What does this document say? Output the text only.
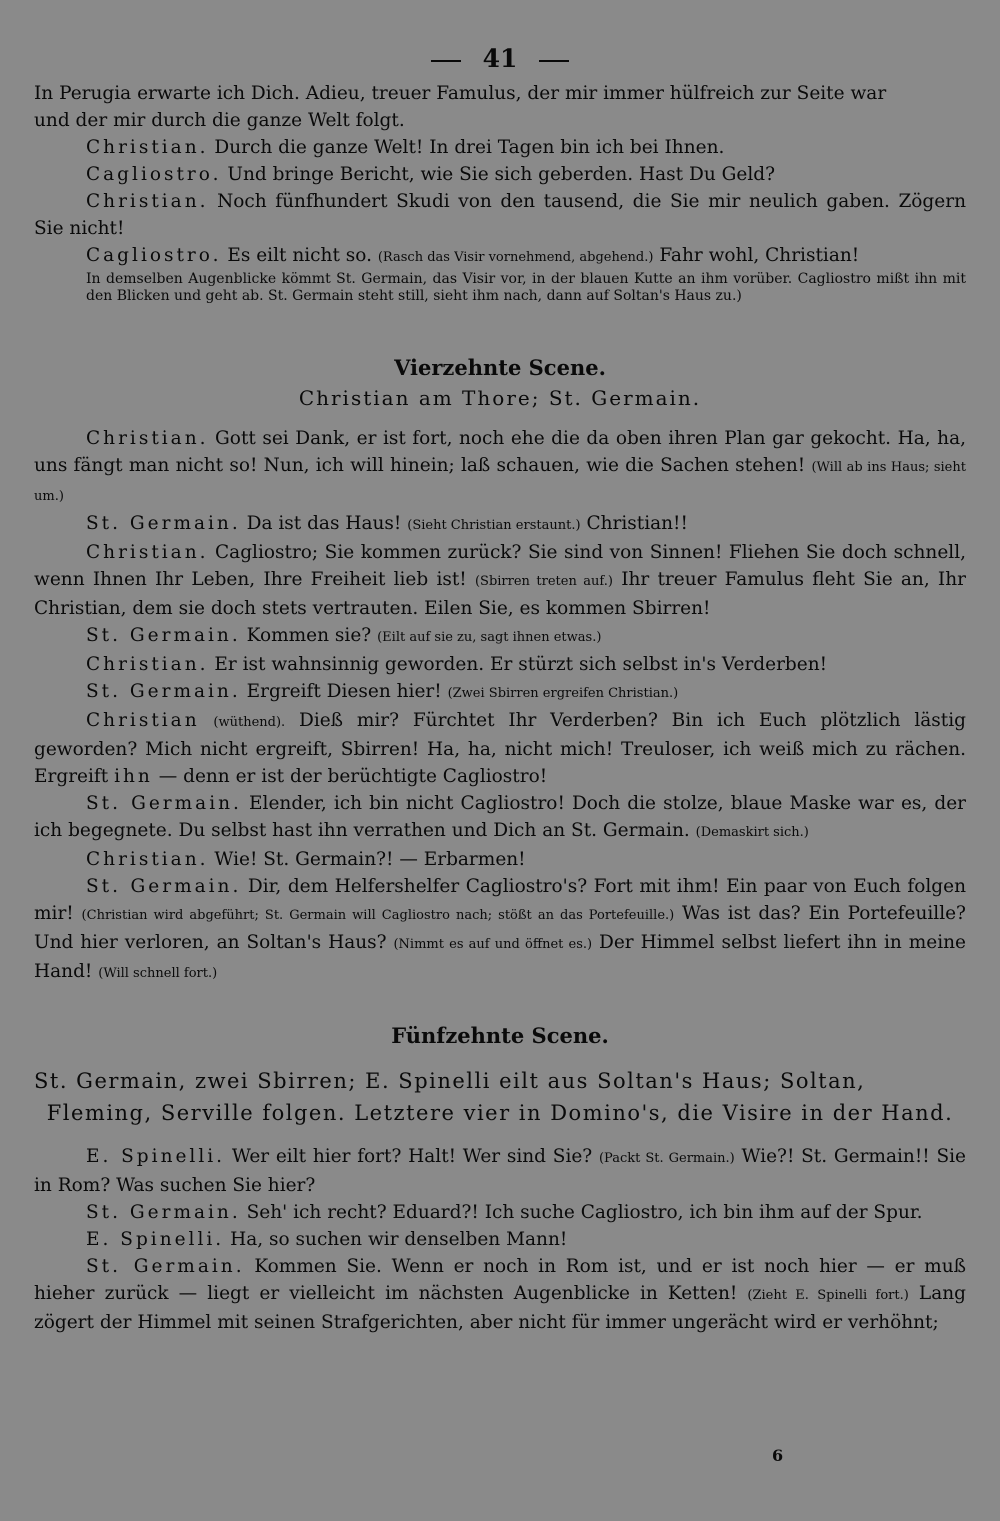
41

In Perugia erwarte ich Dich. Adieu, treuer Famulus, der mir immer hülfreich zur Seite war

und der mir durch die ganze Welt folgt.

Christian. Durch die ganze Welt! In drei Tagen bin ich bei Ihnen.

Cagliostro. Und bringe Bericht, wie Sie sich geberden. Hast Du Geld?

Christian. Noch fünfhundert Skudi von den tausend, die Sie mir neulich gaben. Zögern Sie nicht!

Cagliostro. Es eilt nicht so. (Rasch das Visir vornehmend, abgehend.) Fahr wohl, Christian!

In demselben Augenblicke kömmt St. Germain, das Visir vor, in der blauen Kutte an ihm vorüber. Cagliostro mißt ihn mit den Blicken und geht ab. St. Germain steht still, sieht ihm nach, dann auf Soltan's Haus zu.)

Vierzehnte Scene.

Christian am Thore; St. Germain.

Christian. Gott sei Dank, er ist fort, noch ehe die da oben ihren Plan gar gekocht. Ha, ha, uns fängt man nicht so! Nun, ich will hinein; laß schauen, wie die Sachen stehen! (Will ab ins Haus; sieht um.)

St. Germain. Da ist das Haus! (Sieht Christian erstaunt.) Christian!!

Christian. Cagliostro; Sie kommen zurück? Sie sind von Sinnen! Fliehen Sie doch schnell, wenn Ihnen Ihr Leben, Ihre Freiheit lieb ist! (Sbirren treten auf.) Ihr treuer Famulus fleht Sie an, Ihr Christian, dem sie doch stets vertrauten. Eilen Sie, es kommen Sbirren!

St. Germain. Kommen sie? (Eilt auf sie zu, sagt ihnen etwas.)

Christian. Er ist wahnsinnig geworden. Er stürzt sich selbst in's Verderben!

St. Germain. Ergreift Diesen hier! (Zwei Sbirren ergreifen Christian.)

Christian (wüthend). Dieß mir? Fürchtet Ihr Verderben? Bin ich Euch plötzlich lästig geworden? Mich nicht ergreift, Sbirren! Ha, ha, nicht mich! Treuloser, ich weiß mich zu rächen. Ergreift ihn — denn er ist der berüchtigte Cagliostro!

St. Germain. Elender, ich bin nicht Cagliostro! Doch die stolze, blaue Maske war es, der ich begegnete. Du selbst hast ihn verrathen und Dich an St. Germain. (Demaskirt sich.)

Christian. Wie! St. Germain?! — Erbarmen!

St. Germain. Dir, dem Helfershelfer Cagliostro's? Fort mit ihm! Ein paar von Euch folgen mir! (Christian wird abgeführt; St. Germain will Cagliostro nach; stößt an das Portefeuille.) Was ist das? Ein Portefeuille? Und hier verloren, an Soltan's Haus? (Nimmt es auf und öffnet es.) Der Himmel selbst liefert ihn in meine Hand! (Will schnell fort.)

Fünfzehnte Scene.

St. Germain, zwei Sbirren; E. Spinelli eilt aus Soltan's Haus; Soltan,

Fleming, Serville folgen. Letztere vier in Domino's, die Visire in der Hand.

E. Spinelli. Wer eilt hier fort? Halt! Wer sind Sie? (Packt St. Germain.) Wie?! St. Germain!! Sie in Rom? Was suchen Sie hier?

St. Germain. Seh' ich recht? Eduard?! Ich suche Cagliostro, ich bin ihm auf der Spur.

E. Spinelli. Ha, so suchen wir denselben Mann!

St. Germain. Kommen Sie. Wenn er noch in Rom ist, und er ist noch hier — er muß hieher zurück — liegt er vielleicht im nächsten Augenblicke in Ketten! (Zieht E. Spinelli fort.) Lang zögert der Himmel mit seinen Strafgerichten, aber nicht für immer ungerächt wird er verhöhnt;

6
